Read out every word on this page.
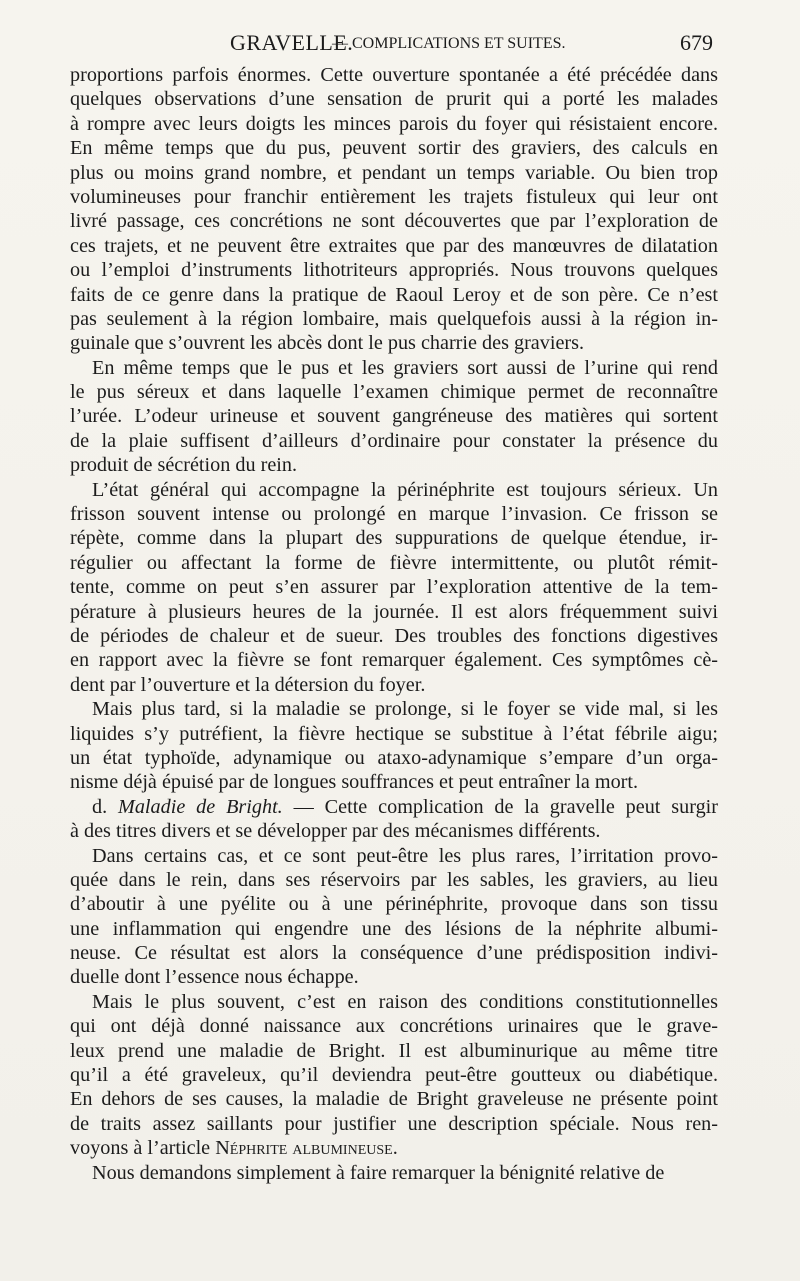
GRAVELLE.
— COMPLICATIONS ET SUITES.	679
proportions parfois énormes. Cette ouverture spontanée a été précédée dans
quelques observations d’une sensation de prurit qui a porté les malades
à rompre avec leurs doigts les minces parois du foyer qui résistaient encore.
En même temps que du pus, peuvent sortir des graviers, des calculs en
plus ou moins grand nombre, et pendant un temps variable. Ou bien trop
volumineuses pour franchir entièrement les trajets fistuleux qui leur ont
livré passage, ces concrétions ne sont découvertes que par l’exploration de
ces trajets, et ne peuvent être extraites que par des manœuvres de dilatation
ou l’emploi d’instruments lithotriteurs appropriés. Nous trouvons quelques
faits de ce genre dans la pratique de Raoul Leroy et de son père. Ce n’est
pas seulement à la région lombaire, mais quelquefois aussi à la région in-
guinale que s’ouvrent les abcès dont le pus charrie des graviers.
En même temps que le pus et les graviers sort aussi de l’urine qui rend
le pus séreux et dans laquelle l’examen chimique permet de reconnaître
l’urée. L’odeur urineuse et souvent gangréneuse des matières qui sortent
de la plaie suffisent d’ailleurs d’ordinaire pour constater la présence du
produit de sécrétion du rein.
L’état général qui accompagne la périnéphrite est toujours sérieux. Un
frisson souvent intense ou prolongé en marque l’invasion. Ce frisson se
répète, comme dans la plupart des suppurations de quelque étendue, ir-
régulier ou affectant la forme de fièvre intermittente, ou plutôt rémit-
tente, comme on peut s’en assurer par l’exploration attentive de la tem-
pérature à plusieurs heures de la journée. Il est alors fréquemment suivi
de périodes de chaleur et de sueur. Des troubles des fonctions digestives
en rapport avec la fièvre se font remarquer également. Ces symptômes cè-
dent par l’ouverture et la détersion du foyer.
Mais plus tard, si la maladie se prolonge, si le foyer se vide mal, si les
liquides s’y putréfient, la fièvre hectique se substitue à l’état fébrile aigu;
un état typhoïde, adynamique ou ataxo-adynamique s’empare d’un orga-
nisme déjà épuisé par de longues souffrances et peut entraîner la mort.
d. Maladie de Bright. — Cette complication de la gravelle peut surgir
à des titres divers et se développer par des mécanismes différents.
Dans certains cas, et ce sont peut-être les plus rares, l’irritation provo-
quée dans le rein, dans ses réservoirs par les sables, les graviers, au lieu
d’aboutir à une pyélite ou à une périnéphrite, provoque dans son tissu
une inflammation qui engendre une des lésions de la néphrite albumi-
neuse. Ce résultat est alors la conséquence d’une prédisposition indivi-
duelle dont l’essence nous échappe.
Mais le plus souvent, c’est en raison des conditions constitutionnelles
qui ont déjà donné naissance aux concrétions urinaires que le grave-
leux prend une maladie de Bright. Il est albuminurique au même titre
qu’il a été graveleux, qu’il deviendra peut-être goutteux ou diabétique.
En dehors de ses causes, la maladie de Bright graveleuse ne présente point
de traits assez saillants pour justifier une description spéciale. Nous ren-
voyons à l’article Néphrite albumineuse.
Nous demandons simplement à faire remarquer la bénignité relative de
